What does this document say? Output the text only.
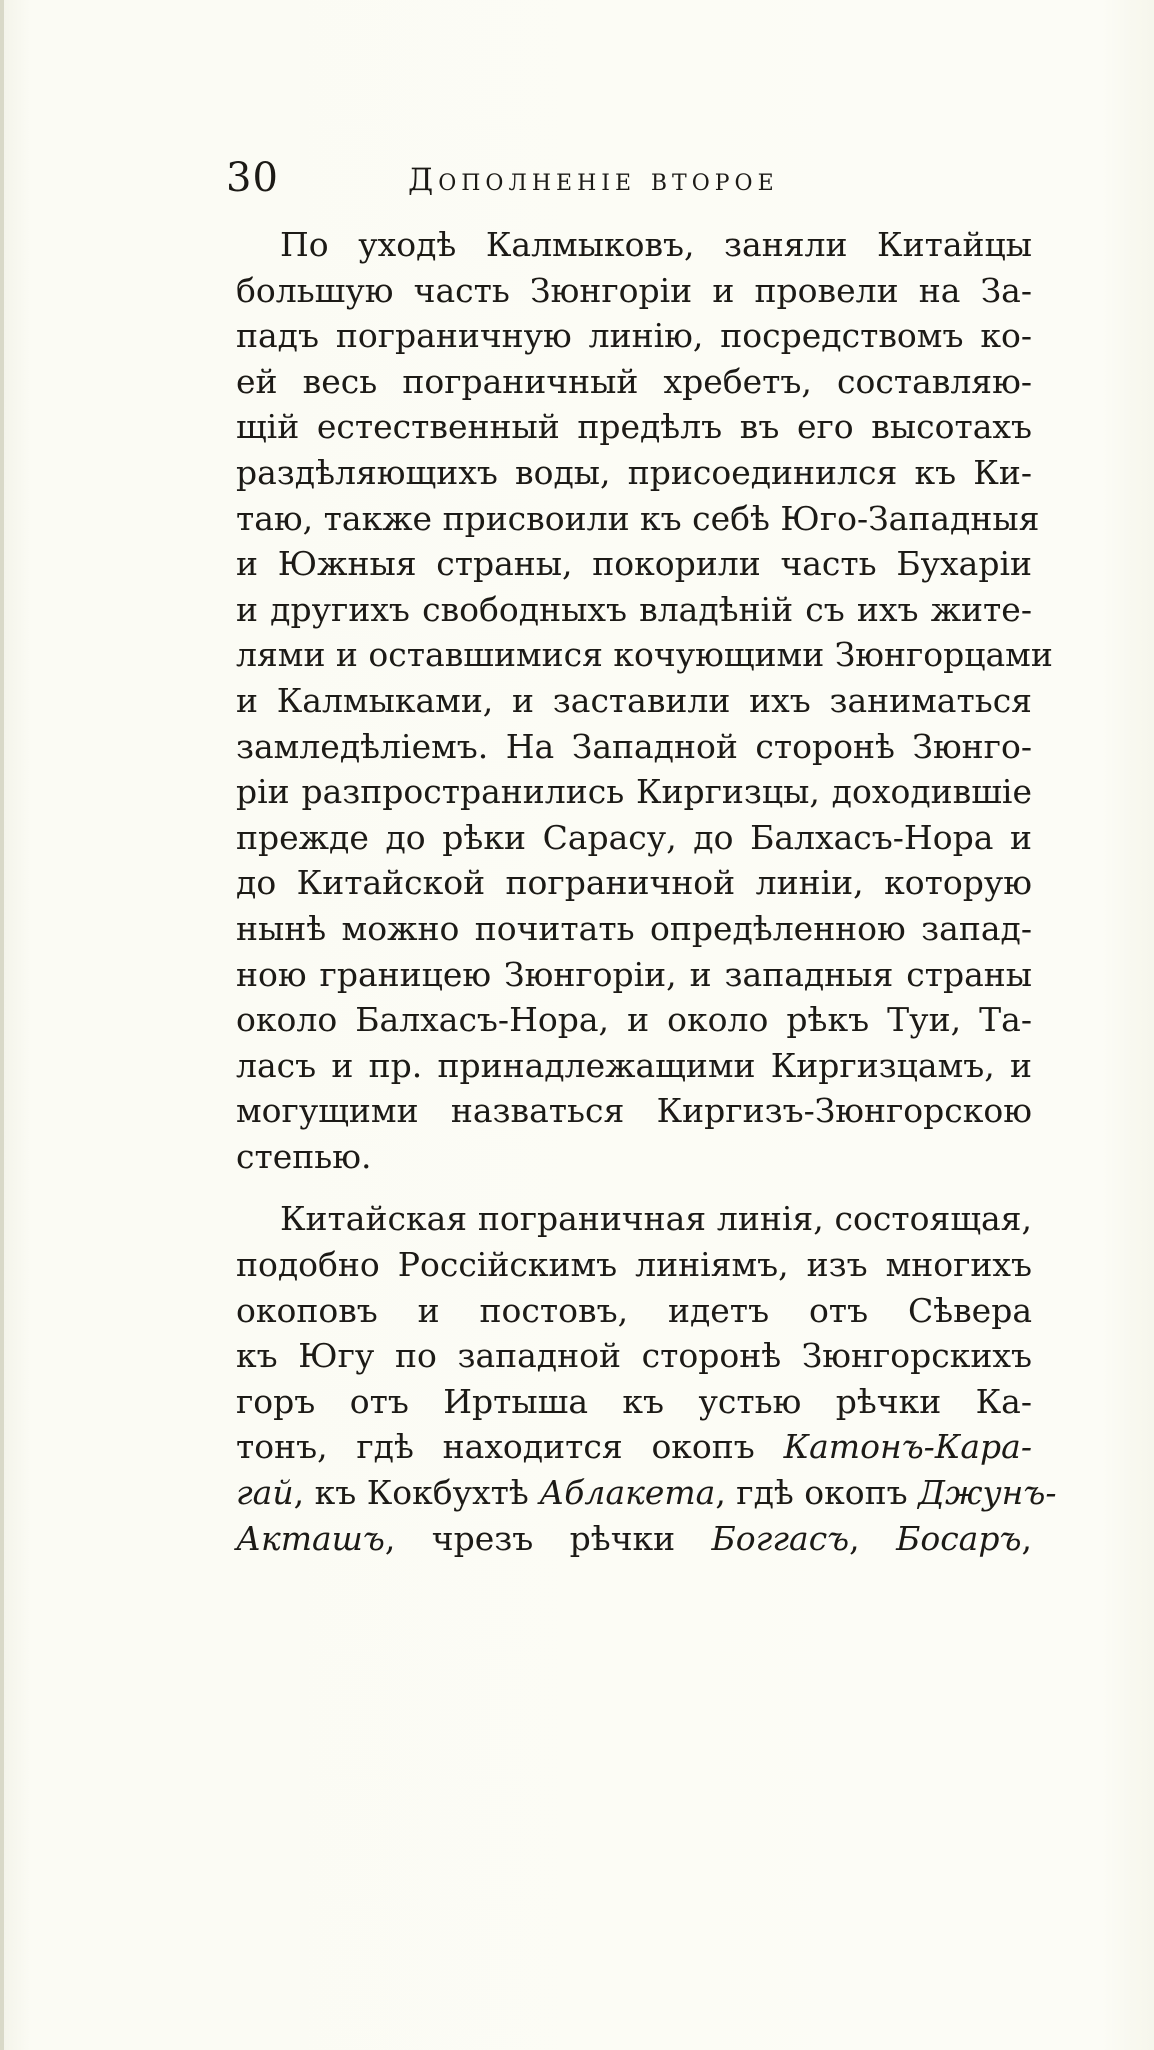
30	Дополненiе второе
По уходѣ Калмыковъ, заняли Китайцы
большую часть Зюнгорiи и провели на За-
падъ пограничную линiю, посредствомъ ко-
ей весь пограничный хребетъ, составляю-
щiй естественный предѣлъ въ его высотахъ
раздѣляющихъ воды, присоединился къ Ки-
таю, также присвоили къ себѣ Юго-Западныя
и Южныя страны, покорили часть Бухарiи
и другихъ свободныхъ владѣнiй съ ихъ жите-
лями и оставшимися кочующими Зюнгорцами
и Калмыками, и заставили ихъ заниматься
замледѣлiемъ. На Западной сторонѣ Зюнго-
рiи разпространились Киргизцы, доходившiе
прежде до рѣки Сарасу, до Балхасъ-Нора и
до Китайской пограничной линiи, которую
нынѣ можно почитать опредѣленною запад-
ною границею Зюнгорiи, и западныя страны
около Балхасъ-Нора, и около рѣкъ Туи, Та-
ласъ и пр. принадлежащими Киргизцамъ, и
могущими назваться Киргизъ-Зюнгорскою
степью.
Китайская пограничная линiя, состоящая,
подобно Россiйскимъ линiямъ, изъ многихъ
окоповъ и постовъ, идетъ отъ Сѣвера
къ Югу по западной сторонѣ Зюнгорскихъ
горъ отъ Иртыша къ устью рѣчки Ка-
тонъ, гдѣ находится окопъ Катонъ-Кара-
гай, къ Кокбухтѣ Аблакета, гдѣ окопъ Джунъ-
Акташъ, чрезъ рѣчки Боггасъ, Босаръ,
